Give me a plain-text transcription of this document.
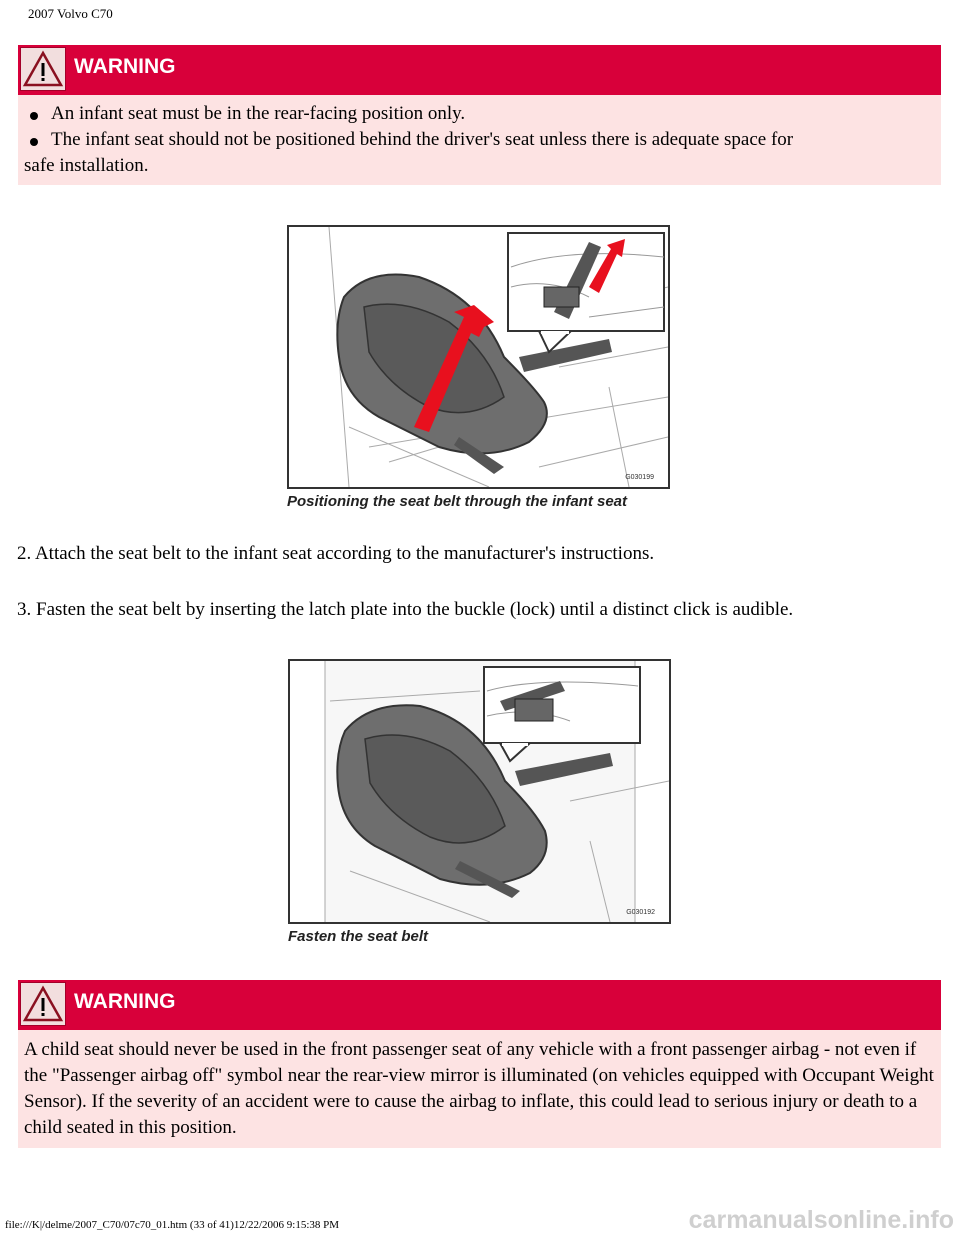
2007 Volvo C70
WARNING
An infant seat must be in the rear-facing position only.
The infant seat should not be positioned behind the driver's seat unless there is adequate space for
safe installation.
G030199
Positioning the seat belt through the infant seat
2. Attach the seat belt to the infant seat according to the manufacturer's instructions.
3. Fasten the seat belt by inserting the latch plate into the buckle (lock) until a distinct click is audible.
G030192
Fasten the seat belt
WARNING
A child seat should never be used in the front passenger seat of any vehicle with a front passenger airbag - not even if the "Passenger airbag off" symbol near the rear-view mirror is illuminated (on vehicles equipped with Occupant Weight Sensor). If the severity of an accident were to cause the airbag to inflate, this could lead to serious injury or death to a child seated in this position.
file:///K|/delme/2007_C70/07c70_01.htm (33 of 41)12/22/2006 9:15:38 PM	carmanualsonline.info
